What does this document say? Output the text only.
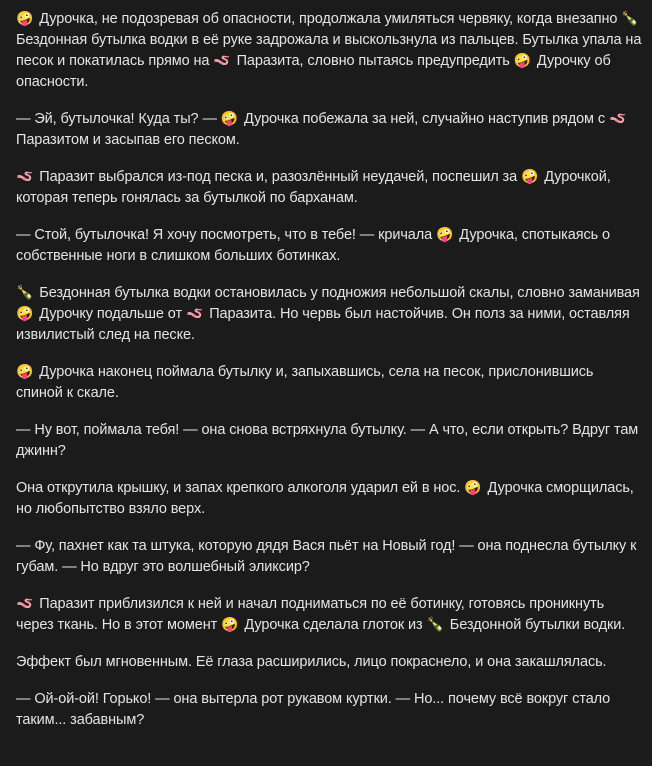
🤪 Дурочка, не подозревая об опасности, продолжала умиляться червяку, когда внезапно 🍾 Бездонная бутылка водки в её руке задрожала и выскользнула из пальцев. Бутылка упала на песок и покатилась прямо на 🪱 Паразита, словно пытаясь предупредить 🤪 Дурочку об опасности.

— Эй, бутылочка! Куда ты? — 🤪 Дурочка побежала за ней, случайно наступив рядом с 🪱 Паразитом и засыпав его песком.

🪱 Паразит выбрался из-под песка и, разозлённый неудачей, поспешил за 🤪 Дурочкой, которая теперь гонялась за бутылкой по барханам.

— Стой, бутылочка! Я хочу посмотреть, что в тебе! — кричала 🤪 Дурочка, спотыкаясь о собственные ноги в слишком больших ботинках.

🍾 Бездонная бутылка водки остановилась у подножия небольшой скалы, словно заманивая 🤪 Дурочку подальше от 🪱 Паразита. Но червь был настойчив. Он полз за ними, оставляя извилистый след на песке.

🤪 Дурочка наконец поймала бутылку и, запыхавшись, села на песок, прислонившись спиной к скале.

— Ну вот, поймала тебя! — она снова встряхнула бутылку. — А что, если открыть? Вдруг там джинн?

Она открутила крышку, и запах крепкого алкоголя ударил ей в нос. 🤪 Дурочка сморщилась, но любопытство взяло верх.

— Фу, пахнет как та штука, которую дядя Вася пьёт на Новый год! — она поднесла бутылку к губам. — Но вдруг это волшебный эликсир?

🪱 Паразит приблизился к ней и начал подниматься по её ботинку, готовясь проникнуть через ткань. Но в этот момент 🤪 Дурочка сделала глоток из 🍾 Бездонной бутылки водки.

Эффект был мгновенным. Её глаза расширились, лицо покраснело, и она закашлялась.

— Ой-ой-ой! Горько! — она вытерла рот рукавом куртки. — Но... почему всё вокруг стало таким... забавным?
